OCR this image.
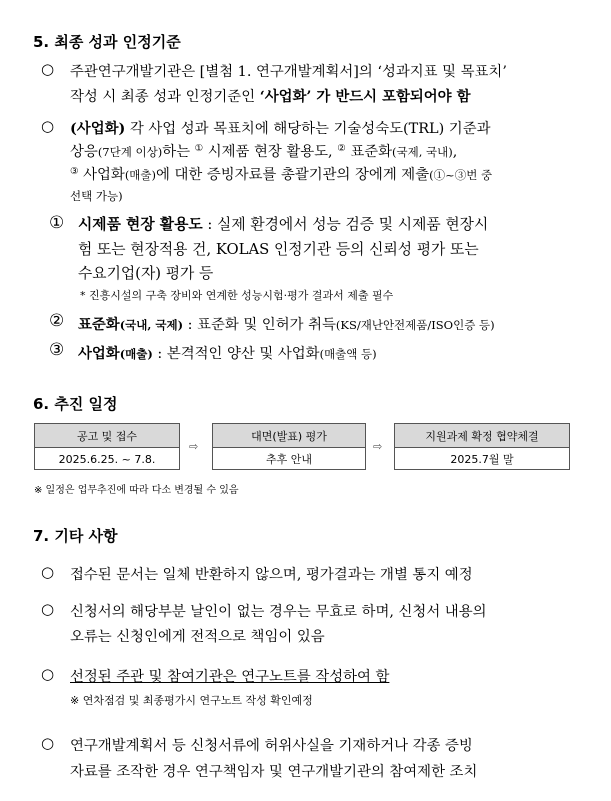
5. 최종 성과 인정기준
○ 주관연구개발기관은 [별첨 1. 연구개발계획서]의 ‘성과지표 및 목표치’
작성 시 최종 성과 인정기준인 ‘사업화’ 가 반드시 포함되어야 함
○ (사업화) 각 사업 성과 목표치에 해당하는 기술성숙도(TRL) 기준과
상응(7단계 이상)하는 ① 시제품 현장 활용도, ② 표준화(국제, 국내),
③ 사업화(매출)에 대한 증빙자료를 총괄기관의 장에게 제출(①~③번 중
선택 가능)
① 시제품 현장 활용도 : 실제 환경에서 성능 검증 및 시제품 현장시
험 또는 현장적용 건, KOLAS 인정기관 등의 신뢰성 평가 또는
수요기업(자) 평가 등
* 진흥시설의 구축 장비와 연계한 성능시험·평가 결과서 제출 필수
② 표준화(국내, 국제) : 표준화 및 인허가 취득(KS/재난안전제품/ISO인증 등)
③ 사업화(매출) : 본격적인 양산 및 사업화(매출액 등)
6. 추진 일정
공고 및 접수
2025.6.25. ~ 7.8.
⇨
대면(발표) 평가
추후 안내
⇨
지원과제 확정 협약체결
2025.7월 말
※ 일정은 업무추진에 따라 다소 변경될 수 있음
7. 기타 사항
○ 접수된 문서는 일체 반환하지 않으며, 평가결과는 개별 통지 예정
○ 신청서의 해당부분 날인이 없는 경우는 무효로 하며, 신청서 내용의
오류는 신청인에게 전적으로 책임이 있음
○ 선정된 주관 및 참여기관은 연구노트를 작성하여 함
※ 연차점검 및 최종평가시 연구노트 작성 확인예정
○ 연구개발계획서 등 신청서류에 허위사실을 기재하거나 각종 증빙
자료를 조작한 경우 연구책임자 및 연구개발기관의 참여제한 조치
